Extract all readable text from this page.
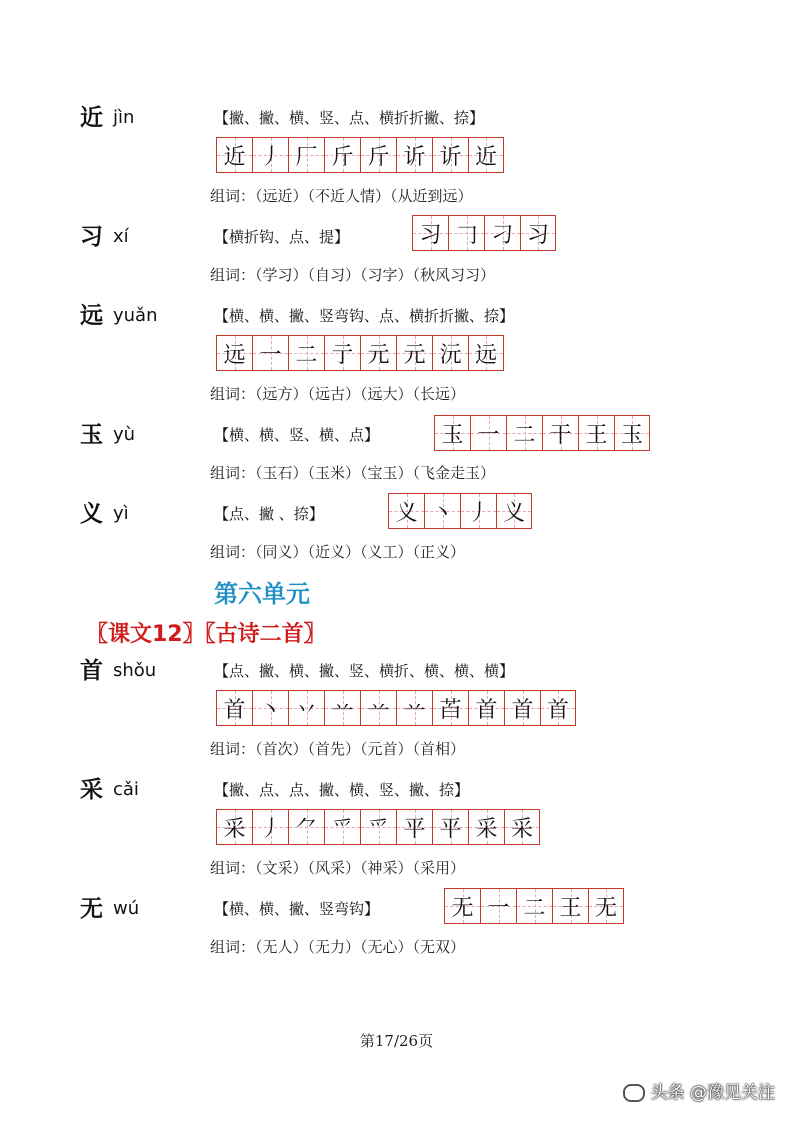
近 jìn	【撇、撇、横、竖、点、横折折撇、捺】
近 丿 厂 斤 斤 䜣 䜣 近
组词：（远近）（不近人情）（从近到远）
习 xí	【横折钩、点、提】	习 𠃌 刁 习
组词：（学习）（自习）（习字）（秋风习习）
远 yuǎn	【横、横、撇、竖弯钩、点、横折折撇、捺】
远 一 二 亍 元 元 沅 远
组词：（远方）（远古）（远大）（长远）
玉 yù	【横、横、竖、横、点】	玉 一 二 干 王 玉
组词：（玉石）（玉米）（宝玉）（飞金走玉）
义 yì	【点、撇 、捺】	义 丶 丿 义
组词：（同义）（近义）（义工）（正义）
第六单元
〖课文12〗〖古诗二首〗
首 shǒu	【点、撇、横、撇、竖、横折、横、横、横】
首 丶 丷 䒑 䒑 䒑 苩 首 首 首
组词：（首次）（首先）（元首）（首相）
采 cǎi	【撇、点、点、撇、横、竖、撇、捺】
采 丿 ⺈ 爫 爫 平 平 采 采
组词：（文采）（风采）（神采）（采用）
无 wú	【横、横、撇、竖弯钩】	无 一 二 王 无
组词：（无人）（无力）（无心）（无双）
第17/26页
头条 @豫见关注
